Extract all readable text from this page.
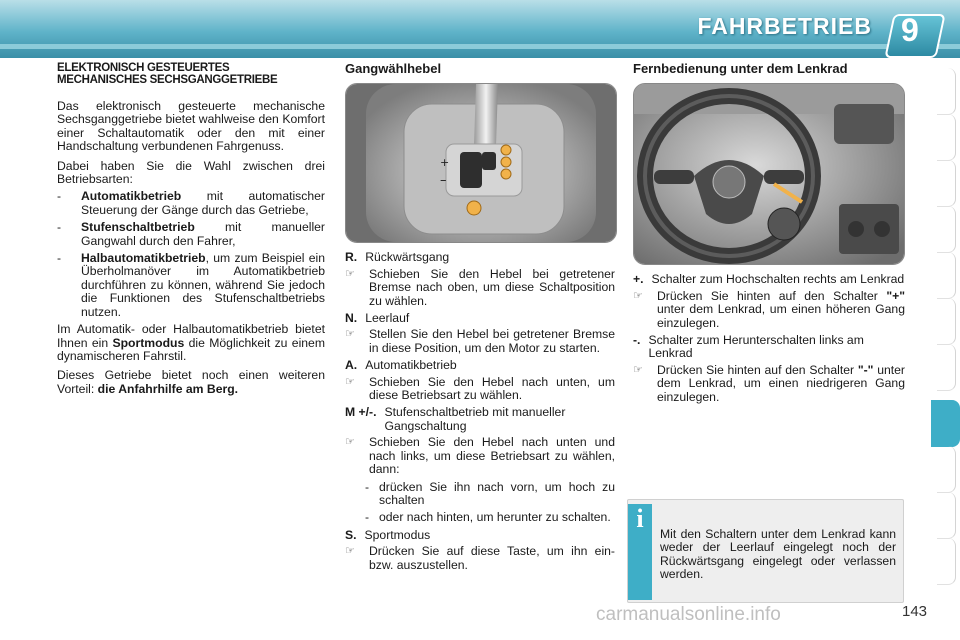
FAHRBETRIEB 9
ELEKTRONISCH GESTEUERTES
MECHANISCHES SECHSGANGGETRIEBE

Das elektronisch gesteuerte mechanische Sechsganggetriebe bietet wahlweise den Komfort einer Schaltautomatik oder den mit einer Handschaltung verbundenen Fahrgenuss.

Dabei haben Sie die Wahl zwischen drei Betriebsarten:

-	Automatikbetrieb mit automatischer Steuerung der Gänge durch das Getriebe,
-	Stufenschaltbetrieb mit manueller Gangwahl durch den Fahrer,
-	Halbautomatikbetrieb, um zum Beispiel ein Überholmanöver im Automatikbetrieb durchführen zu können, während Sie jedoch die Funktionen des Stufenschaltbetriebs nutzen.

Im Automatik- oder Halbautomatikbetrieb bietet Ihnen ein Sportmodus die Möglichkeit zu einem dynamischeren Fahrstil.

Dieses Getriebe bietet noch einen weiteren Vorteil: die Anfahrhilfe am Berg.

Gangwählhebel
+
–
R. Rückwärtsgang
☞	Schieben Sie den Hebel bei getretener Bremse nach oben, um diese Schaltposition zu wählen.
N. Leerlauf
☞	Stellen Sie den Hebel bei getretener Bremse in diese Position, um den Motor zu starten.
A. Automatikbetrieb
☞	Schieben Sie den Hebel nach unten, um diese Betriebsart zu wählen.
M +/-. Stufenschaltbetrieb mit manueller Gangschaltung
☞	Schieben Sie den Hebel nach unten und nach links, um diese Betriebsart zu wählen, dann:
- drücken Sie ihn nach vorn, um hoch zu schalten
- oder nach hinten, um herunter zu schalten.
S. Sportmodus
☞	Drücken Sie auf diese Taste, um ihn ein- bzw. auszustellen.
Fernbedienung unter dem Lenkrad
+. Schalter zum Hochschalten rechts am Lenkrad
☞	Drücken Sie hinten auf den Schalter "+" unter dem Lenkrad, um einen höheren Gang einzulegen.
-. Schalter zum Herunterschalten links am Lenkrad
☞	Drücken Sie hinten auf den Schalter "-" unter dem Lenkrad, um einen niedrigeren Gang einzulegen.
i
Mit den Schaltern unter dem Lenkrad kann weder der Leerlauf eingelegt noch der Rückwärtsgang eingelegt oder verlassen werden.
143
carmanualsonline.info
